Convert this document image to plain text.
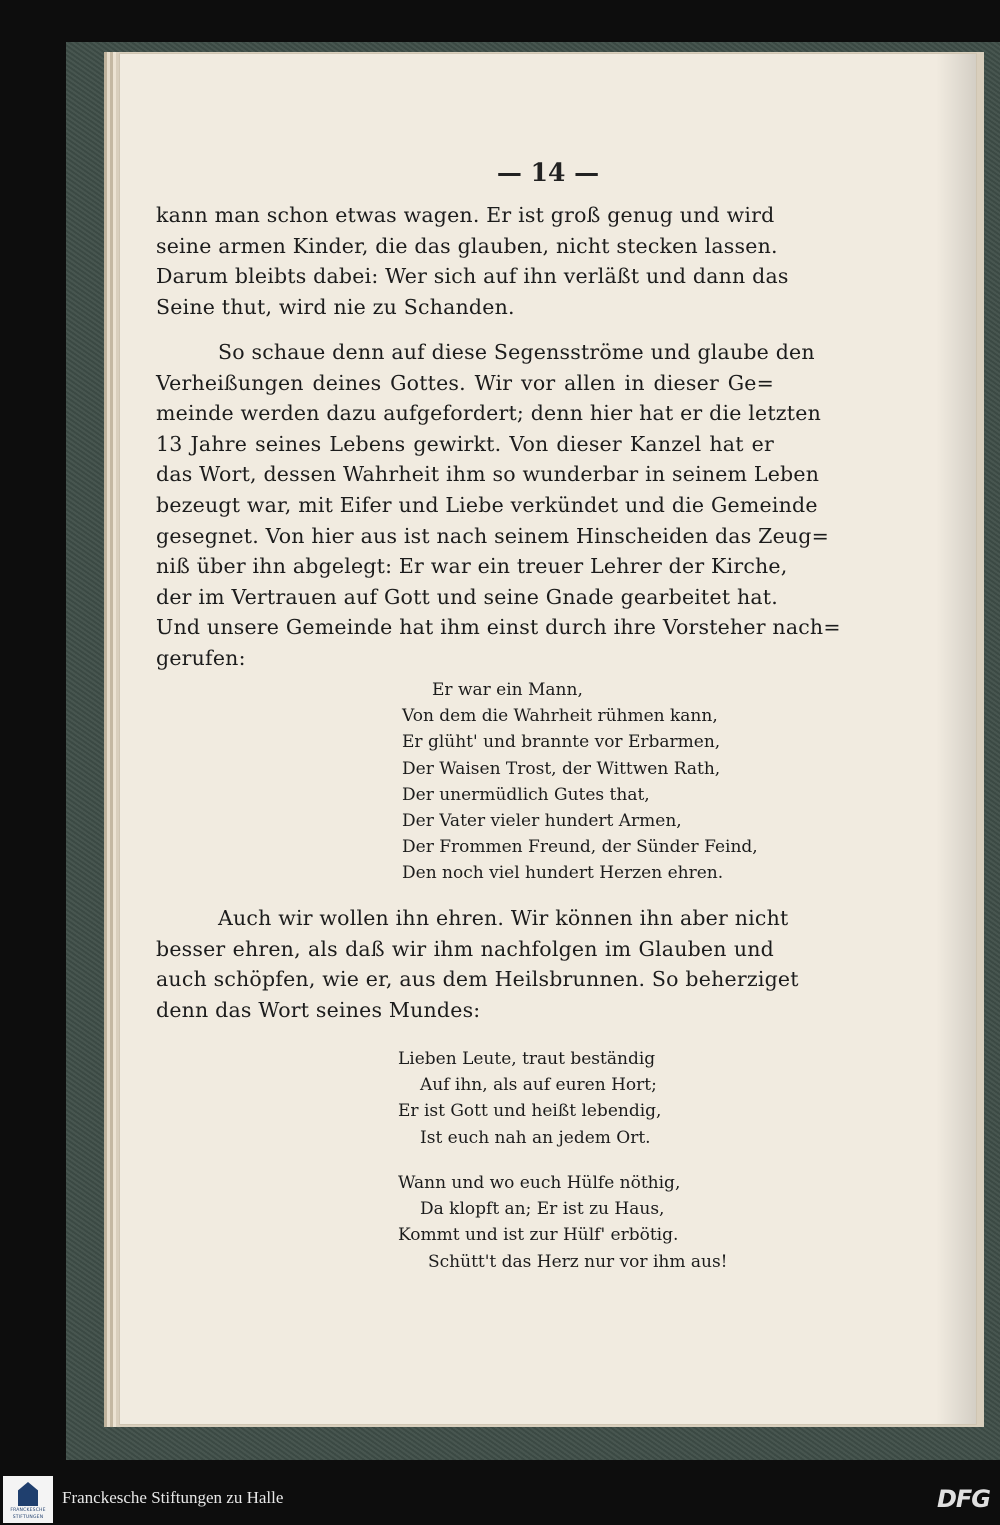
— 14 —
kann man schon etwas wagen. Er ist groß genug und wird
seine armen Kinder, die das glauben, nicht stecken lassen.
Darum bleibts dabei: Wer sich auf ihn verläßt und dann das
Seine thut, wird nie zu Schanden.
So schaue denn auf diese Segensströme und glaube den
Verheißungen deines Gottes. Wir vor allen in dieser Ge=
meinde werden dazu aufgefordert; denn hier hat er die letzten
13 Jahre seines Lebens gewirkt. Von dieser Kanzel hat er
das Wort, dessen Wahrheit ihm so wunderbar in seinem Leben
bezeugt war, mit Eifer und Liebe verkündet und die Gemeinde
gesegnet. Von hier aus ist nach seinem Hinscheiden das Zeug=
niß über ihn abgelegt: Er war ein treuer Lehrer der Kirche,
der im Vertrauen auf Gott und seine Gnade gearbeitet hat.
Und unsere Gemeinde hat ihm einst durch ihre Vorsteher nach=
gerufen:
Er war ein Mann,
Von dem die Wahrheit rühmen kann,
Er glüht' und brannte vor Erbarmen,
Der Waisen Trost, der Wittwen Rath,
Der unermüdlich Gutes that,
Der Vater vieler hundert Armen,
Der Frommen Freund, der Sünder Feind,
Den noch viel hundert Herzen ehren.
Auch wir wollen ihn ehren. Wir können ihn aber nicht
besser ehren, als daß wir ihm nachfolgen im Glauben und
auch schöpfen, wie er, aus dem Heilsbrunnen. So beherziget
denn das Wort seines Mundes:
Lieben Leute, traut beständig
Auf ihn, als auf euren Hort;
Er ist Gott und heißt lebendig,
Ist euch nah an jedem Ort.
Wann und wo euch Hülfe nöthig,
Da klopft an; Er ist zu Haus,
Kommt und ist zur Hülf' erbötig.
Schütt't das Herz nur vor ihm aus!
FRANCKESCHE
STIFTUNGEN
Franckesche Stiftungen zu Halle	DFG
